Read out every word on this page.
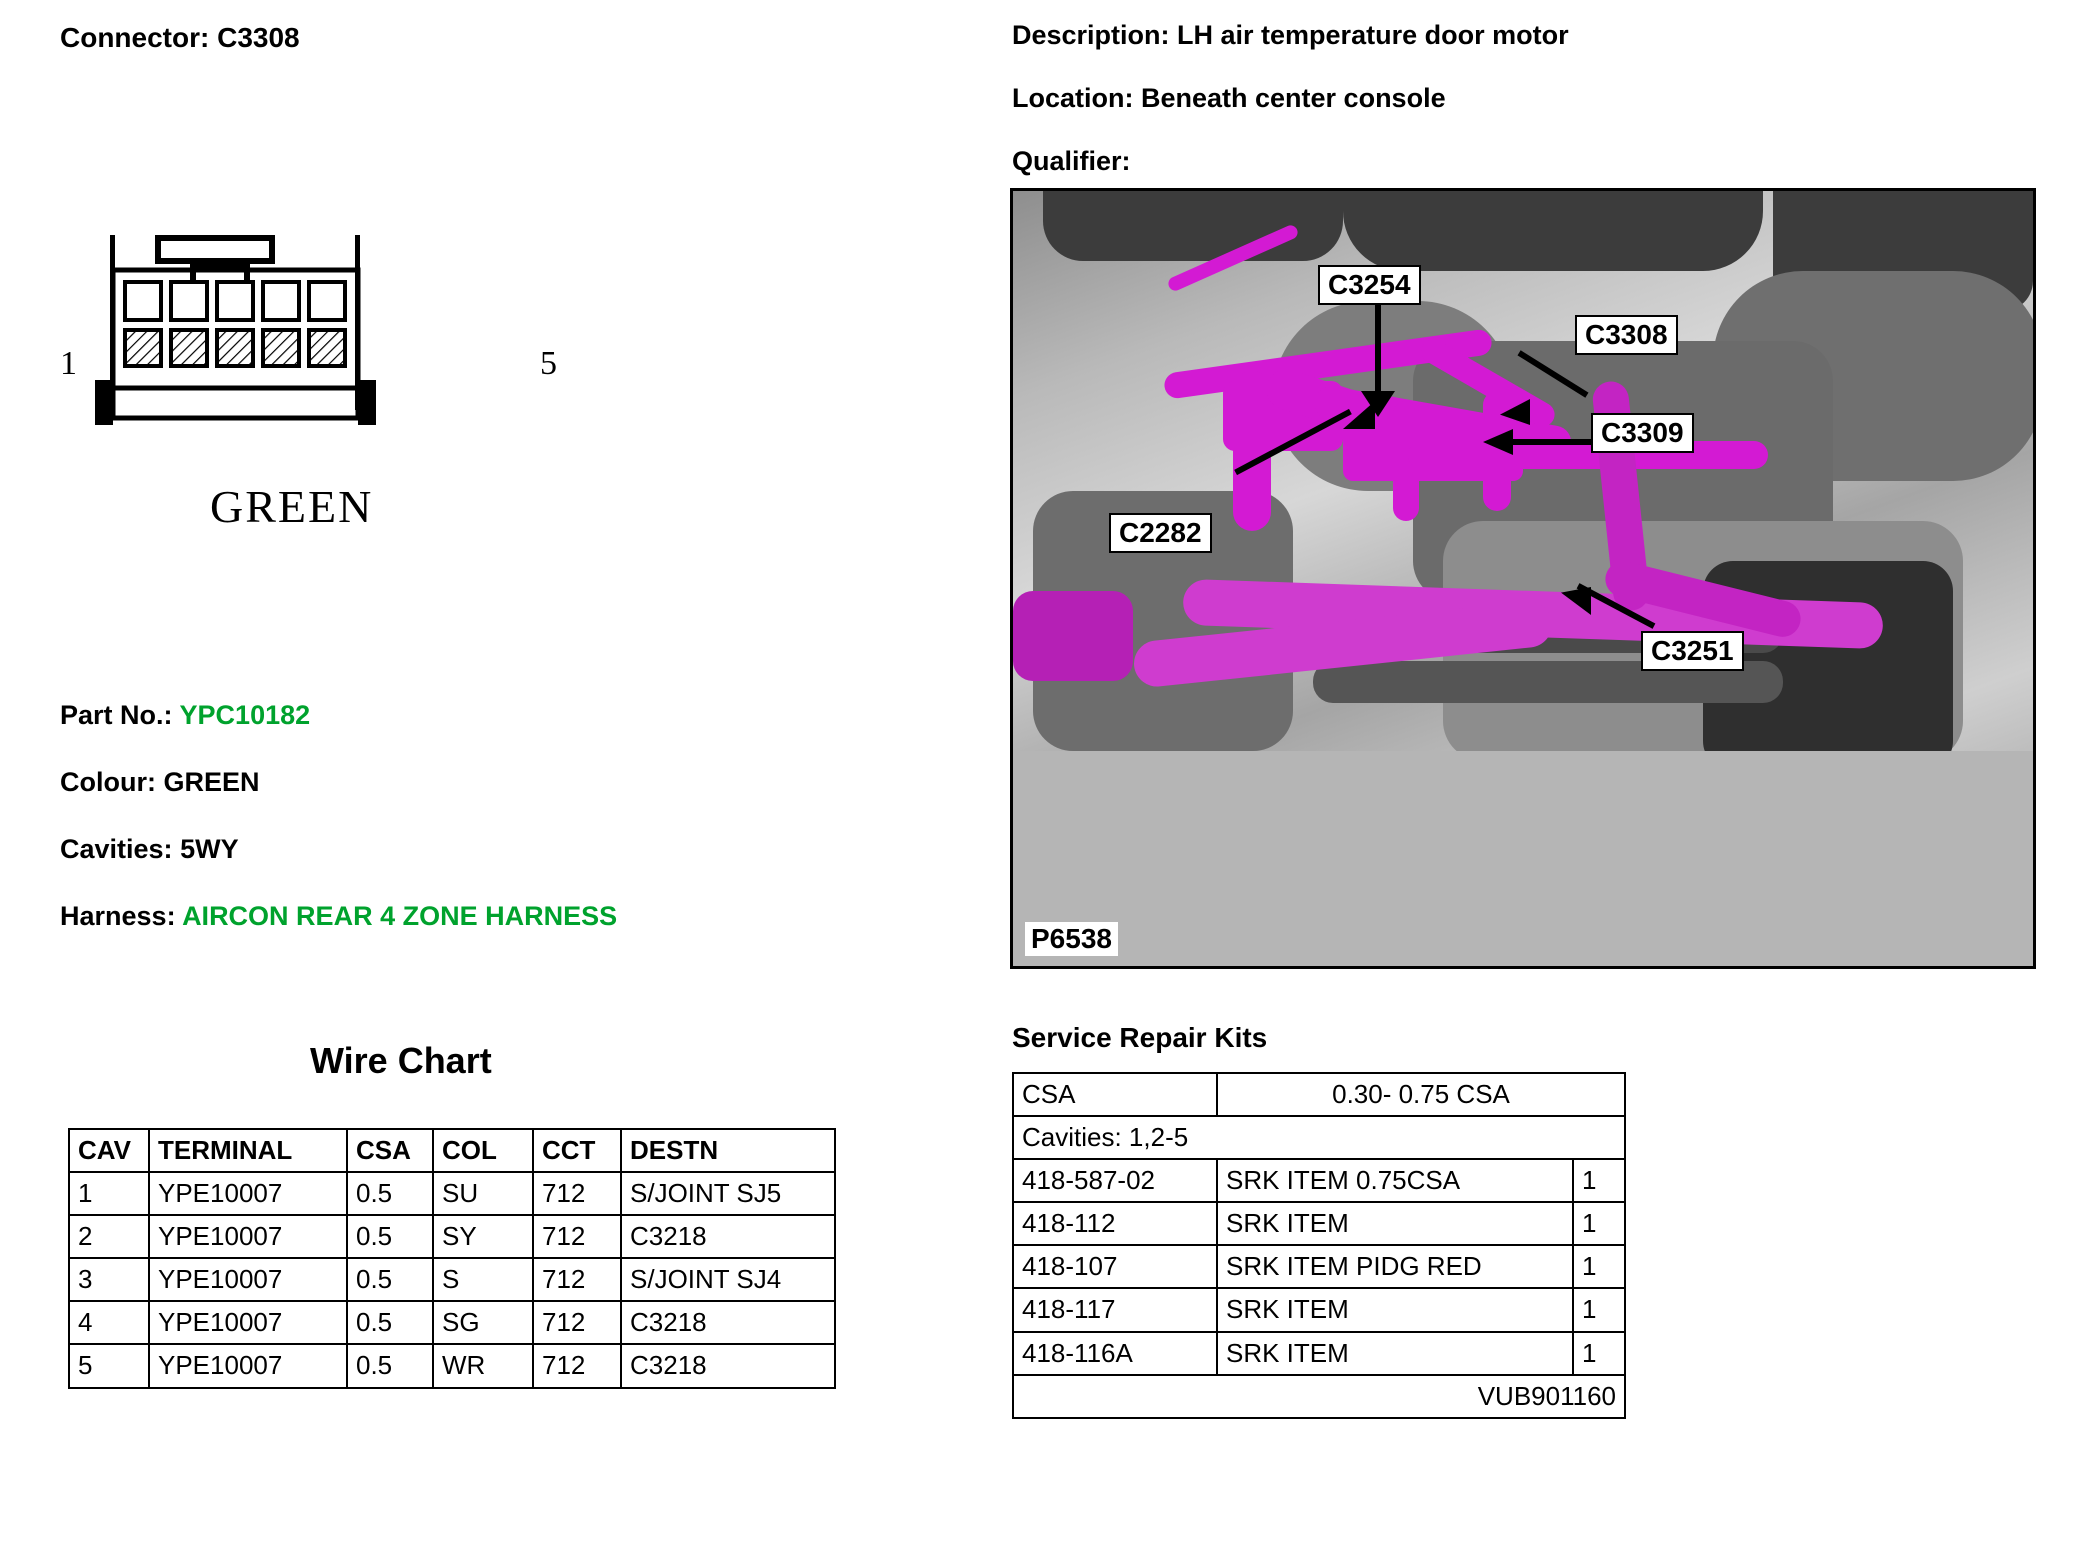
Connector: C3308
1	5
GREEN
Part No.: YPC10182
Colour: GREEN
Cavities: 5WY
Harness: AIRCON REAR 4 ZONE HARNESS
Wire Chart
CAV	TERMINAL	CSA	COL	CCT	DESTN
1	YPE10007	0.5	SU	712	S/JOINT SJ5
2	YPE10007	0.5	SY	712	C3218
3	YPE10007	0.5	S	712	S/JOINT SJ4
4	YPE10007	0.5	SG	712	C3218
5	YPE10007	0.5	WR	712	C3218
Description: LH air temperature door motor
Location: Beneath center console
Qualifier:
C3254
C3308
C3309
C2282
C3251
P6538
Service Repair Kits
CSA	0.30- 0.75 CSA	
Cavities: 1,2-5		
418-587-02	SRK ITEM 0.75CSA	1
418-112	SRK ITEM	1
418-107	SRK ITEM PIDG RED	1
418-117	SRK ITEM	1
418-116A	SRK ITEM	1
VUB901160		
